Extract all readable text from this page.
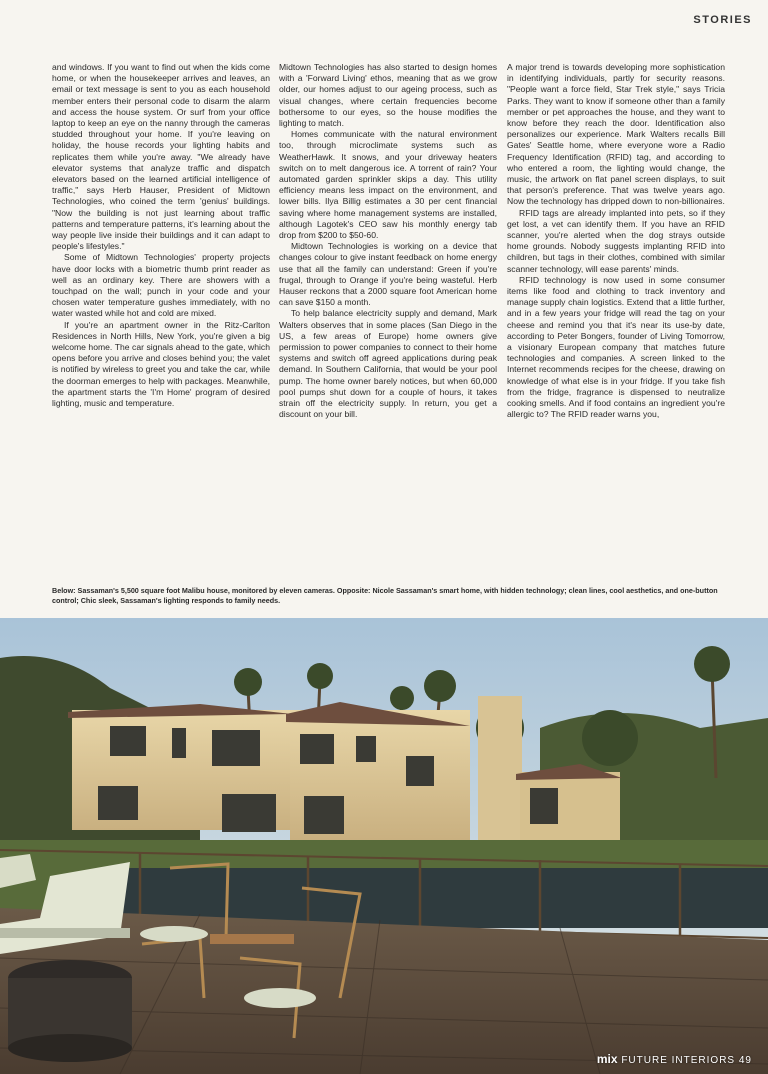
STORIES

and windows. If you want to find out when the kids come home, or when the housekeeper arrives and leaves, an email or text message is sent to you as each household member enters their personal code to disarm the alarm and access the house system. Or surf from your office laptop to keep an eye on the nanny through the cameras studded throughout your home. If you're leaving on holiday, the house records your lighting habits and replicates them while you're away. "We already have elevator systems that analyze traffic and dispatch elevators based on the learned artificial intelligence of traffic," says Herb Hauser, President of Midtown Technologies, who coined the term 'genius' buildings. "Now the building is not just learning about traffic patterns and temperature patterns, it's learning about the way people live inside their buildings and it can adapt to people's lifestyles."

Some of Midtown Technologies' property projects have door locks with a biometric thumb print reader as well as an ordinary key. There are showers with a touchpad on the wall; punch in your code and your chosen water temperature gushes immediately, with no water wasted while hot and cold are mixed.

If you're an apartment owner in the Ritz-Carlton Residences in North Hills, New York, you're given a big welcome home. The car signals ahead to the gate, which opens before you arrive and closes behind you; the valet is notified by wireless to greet you and take the car, while the doorman emerges to help with packages. Meanwhile, the apartment starts the 'I'm Home' program of desired lighting, music and temperature.

Midtown Technologies has also started to design homes with a 'Forward Living' ethos, meaning that as we grow older, our homes adjust to our ageing process, such as visual changes, where certain frequencies become bothersome to our eyes, so the house modifies the lighting to match.

Homes communicate with the natural environment too, through microclimate systems such as WeatherHawk. It snows, and your driveway heaters switch on to melt dangerous ice. A torrent of rain? Your automated garden sprinkler skips a day. This utility efficiency means less impact on the environment, and lower bills. Ilya Billig estimates a 30 per cent financial saving where home management systems are installed, although Lagotek's CEO saw his monthly energy tab drop from $200 to $50-60.

Midtown Technologies is working on a device that changes colour to give instant feedback on home energy use that all the family can understand: Green if you're frugal, through to Orange if you're being wasteful. Herb Hauser reckons that a 2000 square foot American home can save $150 a month.

To help balance electricity supply and demand, Mark Walters observes that in some places (San Diego in the US, a few areas of Europe) home owners give permission to power companies to connect to their home systems and switch off agreed applications during peak demand. In Southern California, that would be your pool pump. The home owner barely notices, but when 60,000 pool pumps shut down for a couple of hours, it takes strain off the electricity supply. In return, you get a discount on your bill.

A major trend is towards developing more sophistication in identifying individuals, partly for security reasons. "People want a force field, Star Trek style," says Tricia Parks. They want to know if someone other than a family member or pet approaches the house, and they want to know before they reach the door. Identification also personalizes our experience. Mark Walters recalls Bill Gates' Seattle home, where everyone wore a Radio Frequency Identification (RFID) tag, and according to who entered a room, the lighting would change, the music, the artwork on flat panel screen displays, to suit that person's preference. That was twelve years ago. Now the technology has dripped down to non-billionaires.

RFID tags are already implanted into pets, so if they get lost, a vet can identify them. If you have an RFID scanner, you're alerted when the dog strays outside home grounds. Nobody suggests implanting RFID into children, but tags in their clothes, combined with similar scanner technology, will ease parents' minds.

RFID technology is now used in some consumer items like food and clothing to track inventory and manage supply chain logistics. Extend that a little further, and in a few years your fridge will read the tag on your cheese and remind you that it's near its use-by date, according to Peter Bongers, founder of Living Tomorrow, a visionary European company that matches future technologies and companies. A screen linked to the Internet recommends recipes for the cheese, drawing on knowledge of what else is in your fridge. If you take fish from the fridge, fragrance is dispensed to neutralize cooking smells. And if food contains an ingredient you're allergic to? The RFID reader warns you,

Below: Sassaman's 5,500 square foot Malibu house, monitored by eleven cameras. Opposite: Nicole Sassaman's smart home, with hidden technology; clean lines, cool aesthetics, and one-button control; Chic sleek, Sassaman's lighting responds to family needs.
mix FUTURE INTERIORS 49
